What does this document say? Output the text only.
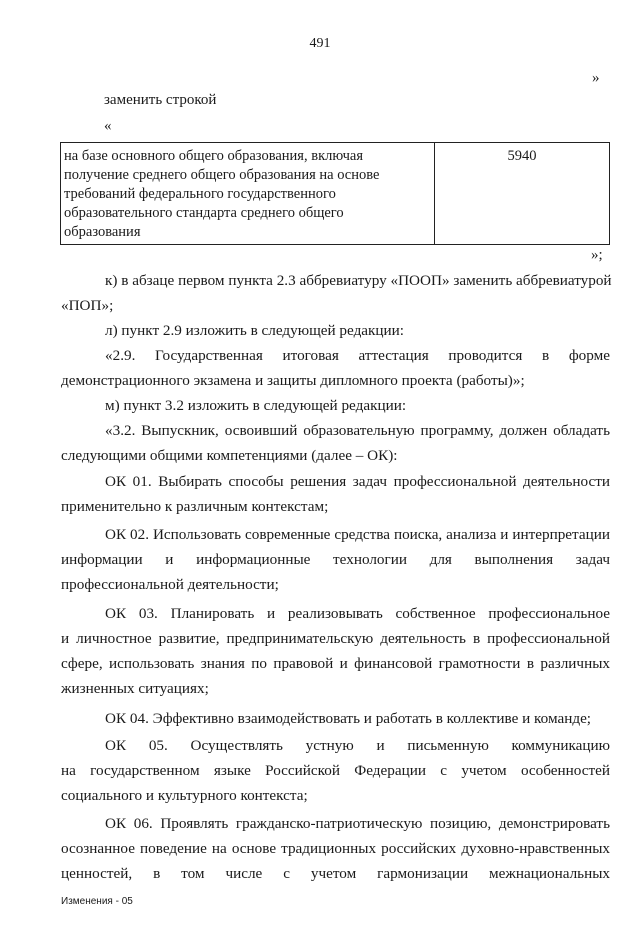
491
»
заменить строкой
«
на базе основного общего образования, включая
получение среднего общего образования на основе
требований федерального государственного
образовательного стандарта среднего общего
образования
	5940
»;
к) в абзаце первом пункта 2.3 аббревиатуру «ПООП» заменить аббревиатурой
«ПОП»;
л) пункт 2.9 изложить в следующей редакции:
«2.9. Государственная итоговая аттестация проводится в форме
демонстрационного экзамена и защиты дипломного проекта (работы)»;
м) пункт 3.2 изложить в следующей редакции:
«3.2. Выпускник, освоивший образовательную программу, должен обладать
следующими общими компетенциями (далее – ОК):
ОК 01. Выбирать способы решения задач профессиональной деятельности
применительно к различным контекстам;
ОК 02. Использовать современные средства поиска, анализа и интерпретации
информации и информационные технологии для выполнения задач
профессиональной деятельности;
ОК 03. Планировать и реализовывать собственное профессиональное
и личностное развитие, предпринимательскую деятельность в профессиональной
сфере, использовать знания по правовой и финансовой грамотности в различных
жизненных ситуациях;
ОК 04. Эффективно взаимодействовать и работать в коллективе и команде;
ОК 05. Осуществлять устную и письменную коммуникацию
на государственном языке Российской Федерации с учетом особенностей
социального и культурного контекста;
ОК 06. Проявлять гражданско-патриотическую позицию, демонстрировать
осознанное поведение на основе традиционных российских духовно-нравственных
ценностей, в том числе с учетом гармонизации межнациональных
Изменения - 05
